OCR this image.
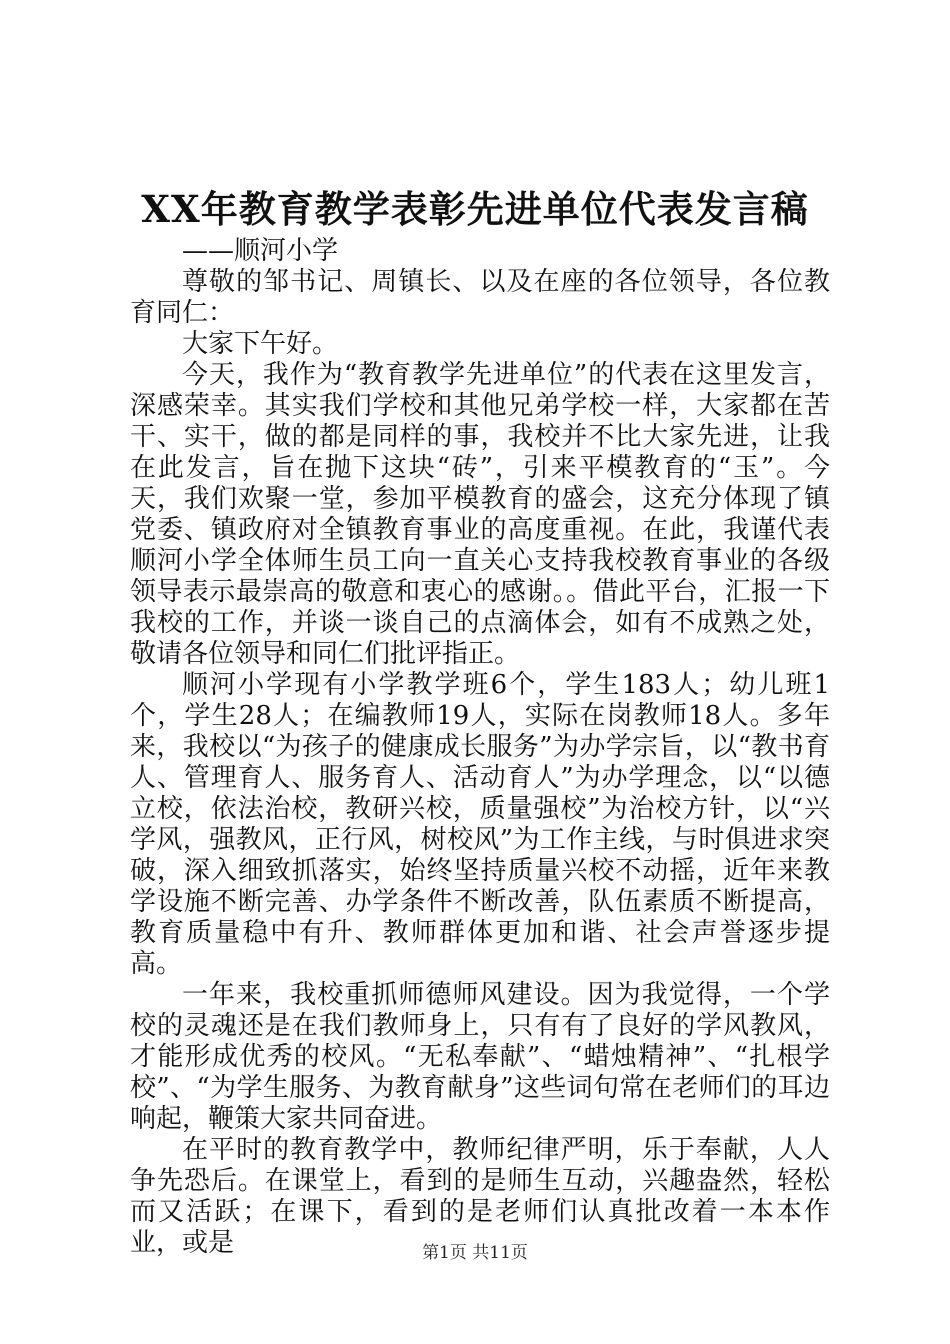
XX年教育教学表彰先进单位代表发言稿

——顺河小学

尊敬的邹书记、周镇长、以及在座的各位领导，各位教育同仁：

大家下午好。

今天，我作为“教育教学先进单位”的代表在这里发言，深感荣幸。其实我们学校和其他兄弟学校一样，大家都在苦干、实干，做的都是同样的事，我校并不比大家先进，让我在此发言，旨在抛下这块“砖”，引来平模教育的“玉”。今天，我们欢聚一堂，参加平模教育的盛会，这充分体现了镇党委、镇政府对全镇教育事业的高度重视。在此，我谨代表顺河小学全体师生员工向一直关心支持我校教育事业的各级领导表示最崇高的敬意和衷心的感谢。。借此平台，汇报一下我校的工作，并谈一谈自己的点滴体会，如有不成熟之处，敬请各位领导和同仁们批评指正。

顺河小学现有小学教学班6个，学生183人；幼儿班1个，学生28人；在编教师19人，实际在岗教师18人。多年来，我校以“为孩子的健康成长服务”为办学宗旨，以“教书育人、管理育人、服务育人、活动育人”为办学理念，以“以德立校，依法治校，教研兴校，质量强校”为治校方针，以“兴学风，强教风，正行风，树校风”为工作主线，与时俱进求突破，深入细致抓落实，始终坚持质量兴校不动摇，近年来教学设施不断完善、办学条件不断改善，队伍素质不断提高，教育质量稳中有升、教师群体更加和谐、社会声誉逐步提高。

一年来，我校重抓师德师风建设。因为我觉得，一个学校的灵魂还是在我们教师身上，只有有了良好的学风教风，才能形成优秀的校风。“无私奉献”、“蜡烛精神”、“扎根学校”、“为学生服务、为教育献身”这些词句常在老师们的耳边响起，鞭策大家共同奋进。

在平时的教育教学中，教师纪律严明，乐于奉献，人人争先恐后。在课堂上，看到的是师生互动，兴趣盎然，轻松而又活跃；在课下，看到的是老师们认真批改着一本本作业，或是	第1页 共11页
